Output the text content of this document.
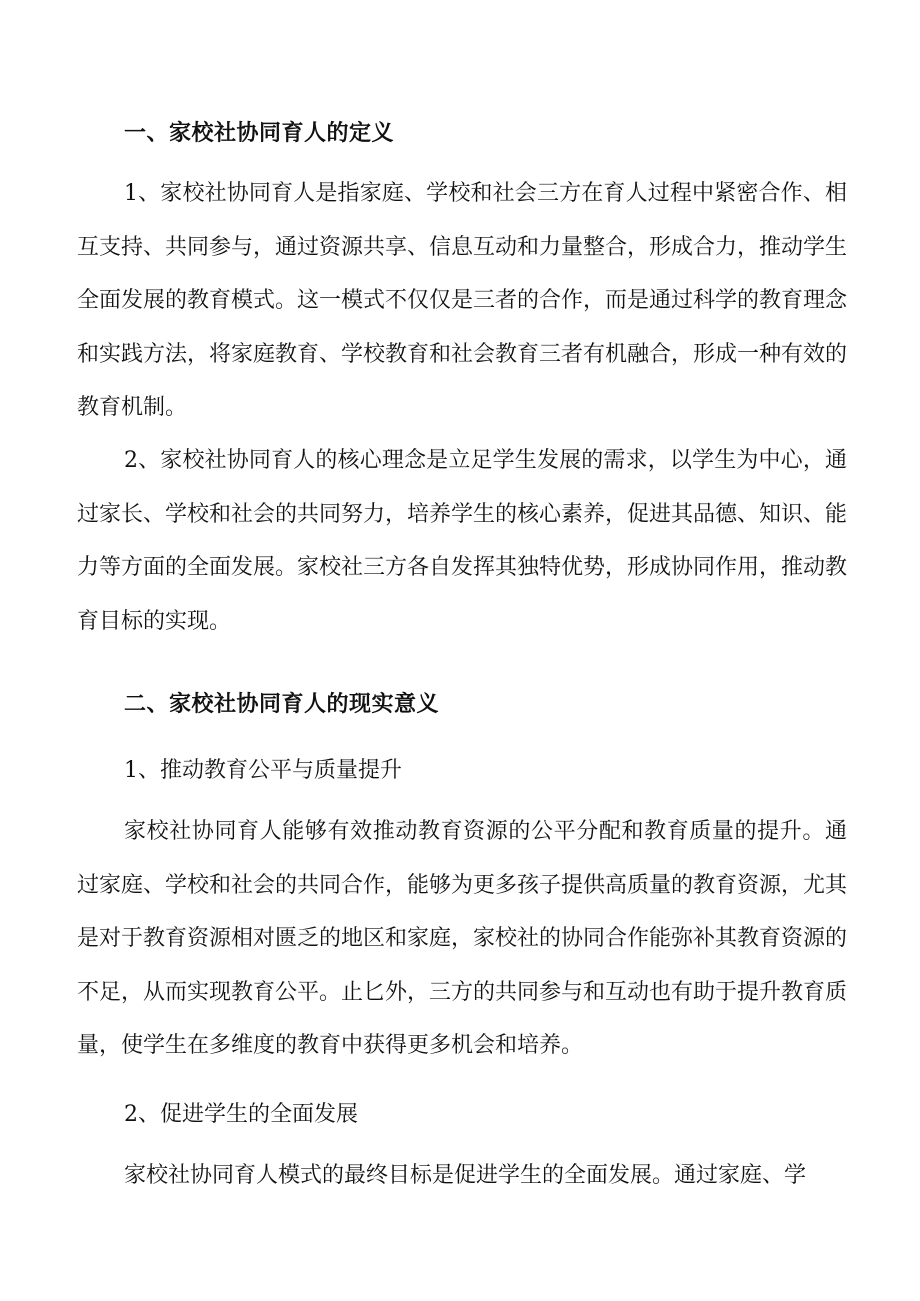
一、家校社协同育人的定义

1、家校社协同育人是指家庭、学校和社会三方在育人过程中紧密合作、相互支持、共同参与，通过资源共享、信息互动和力量整合，形成合力，推动学生全面发展的教育模式。这一模式不仅仅是三者的合作，而是通过科学的教育理念和实践方法，将家庭教育、学校教育和社会教育三者有机融合，形成一种有效的教育机制。

2、家校社协同育人的核心理念是立足学生发展的需求，以学生为中心，通过家长、学校和社会的共同努力，培养学生的核心素养，促进其品德、知识、能力等方面的全面发展。家校社三方各自发挥其独特优势，形成协同作用，推动教育目标的实现。

二、家校社协同育人的现实意义
1、推动教育公平与质量提升

家校社协同育人能够有效推动教育资源的公平分配和教育质量的提升。通过家庭、学校和社会的共同合作，能够为更多孩子提供高质量的教育资源，尤其是对于教育资源相对匮乏的地区和家庭，家校社的协同合作能弥补其教育资源的不足，从而实现教育公平。止匕外，三方的共同参与和互动也有助于提升教育质量，使学生在多维度的教育中获得更多机会和培养。

2、促进学生的全面发展

家校社协同育人模式的最终目标是促进学生的全面发展。通过家庭、学
